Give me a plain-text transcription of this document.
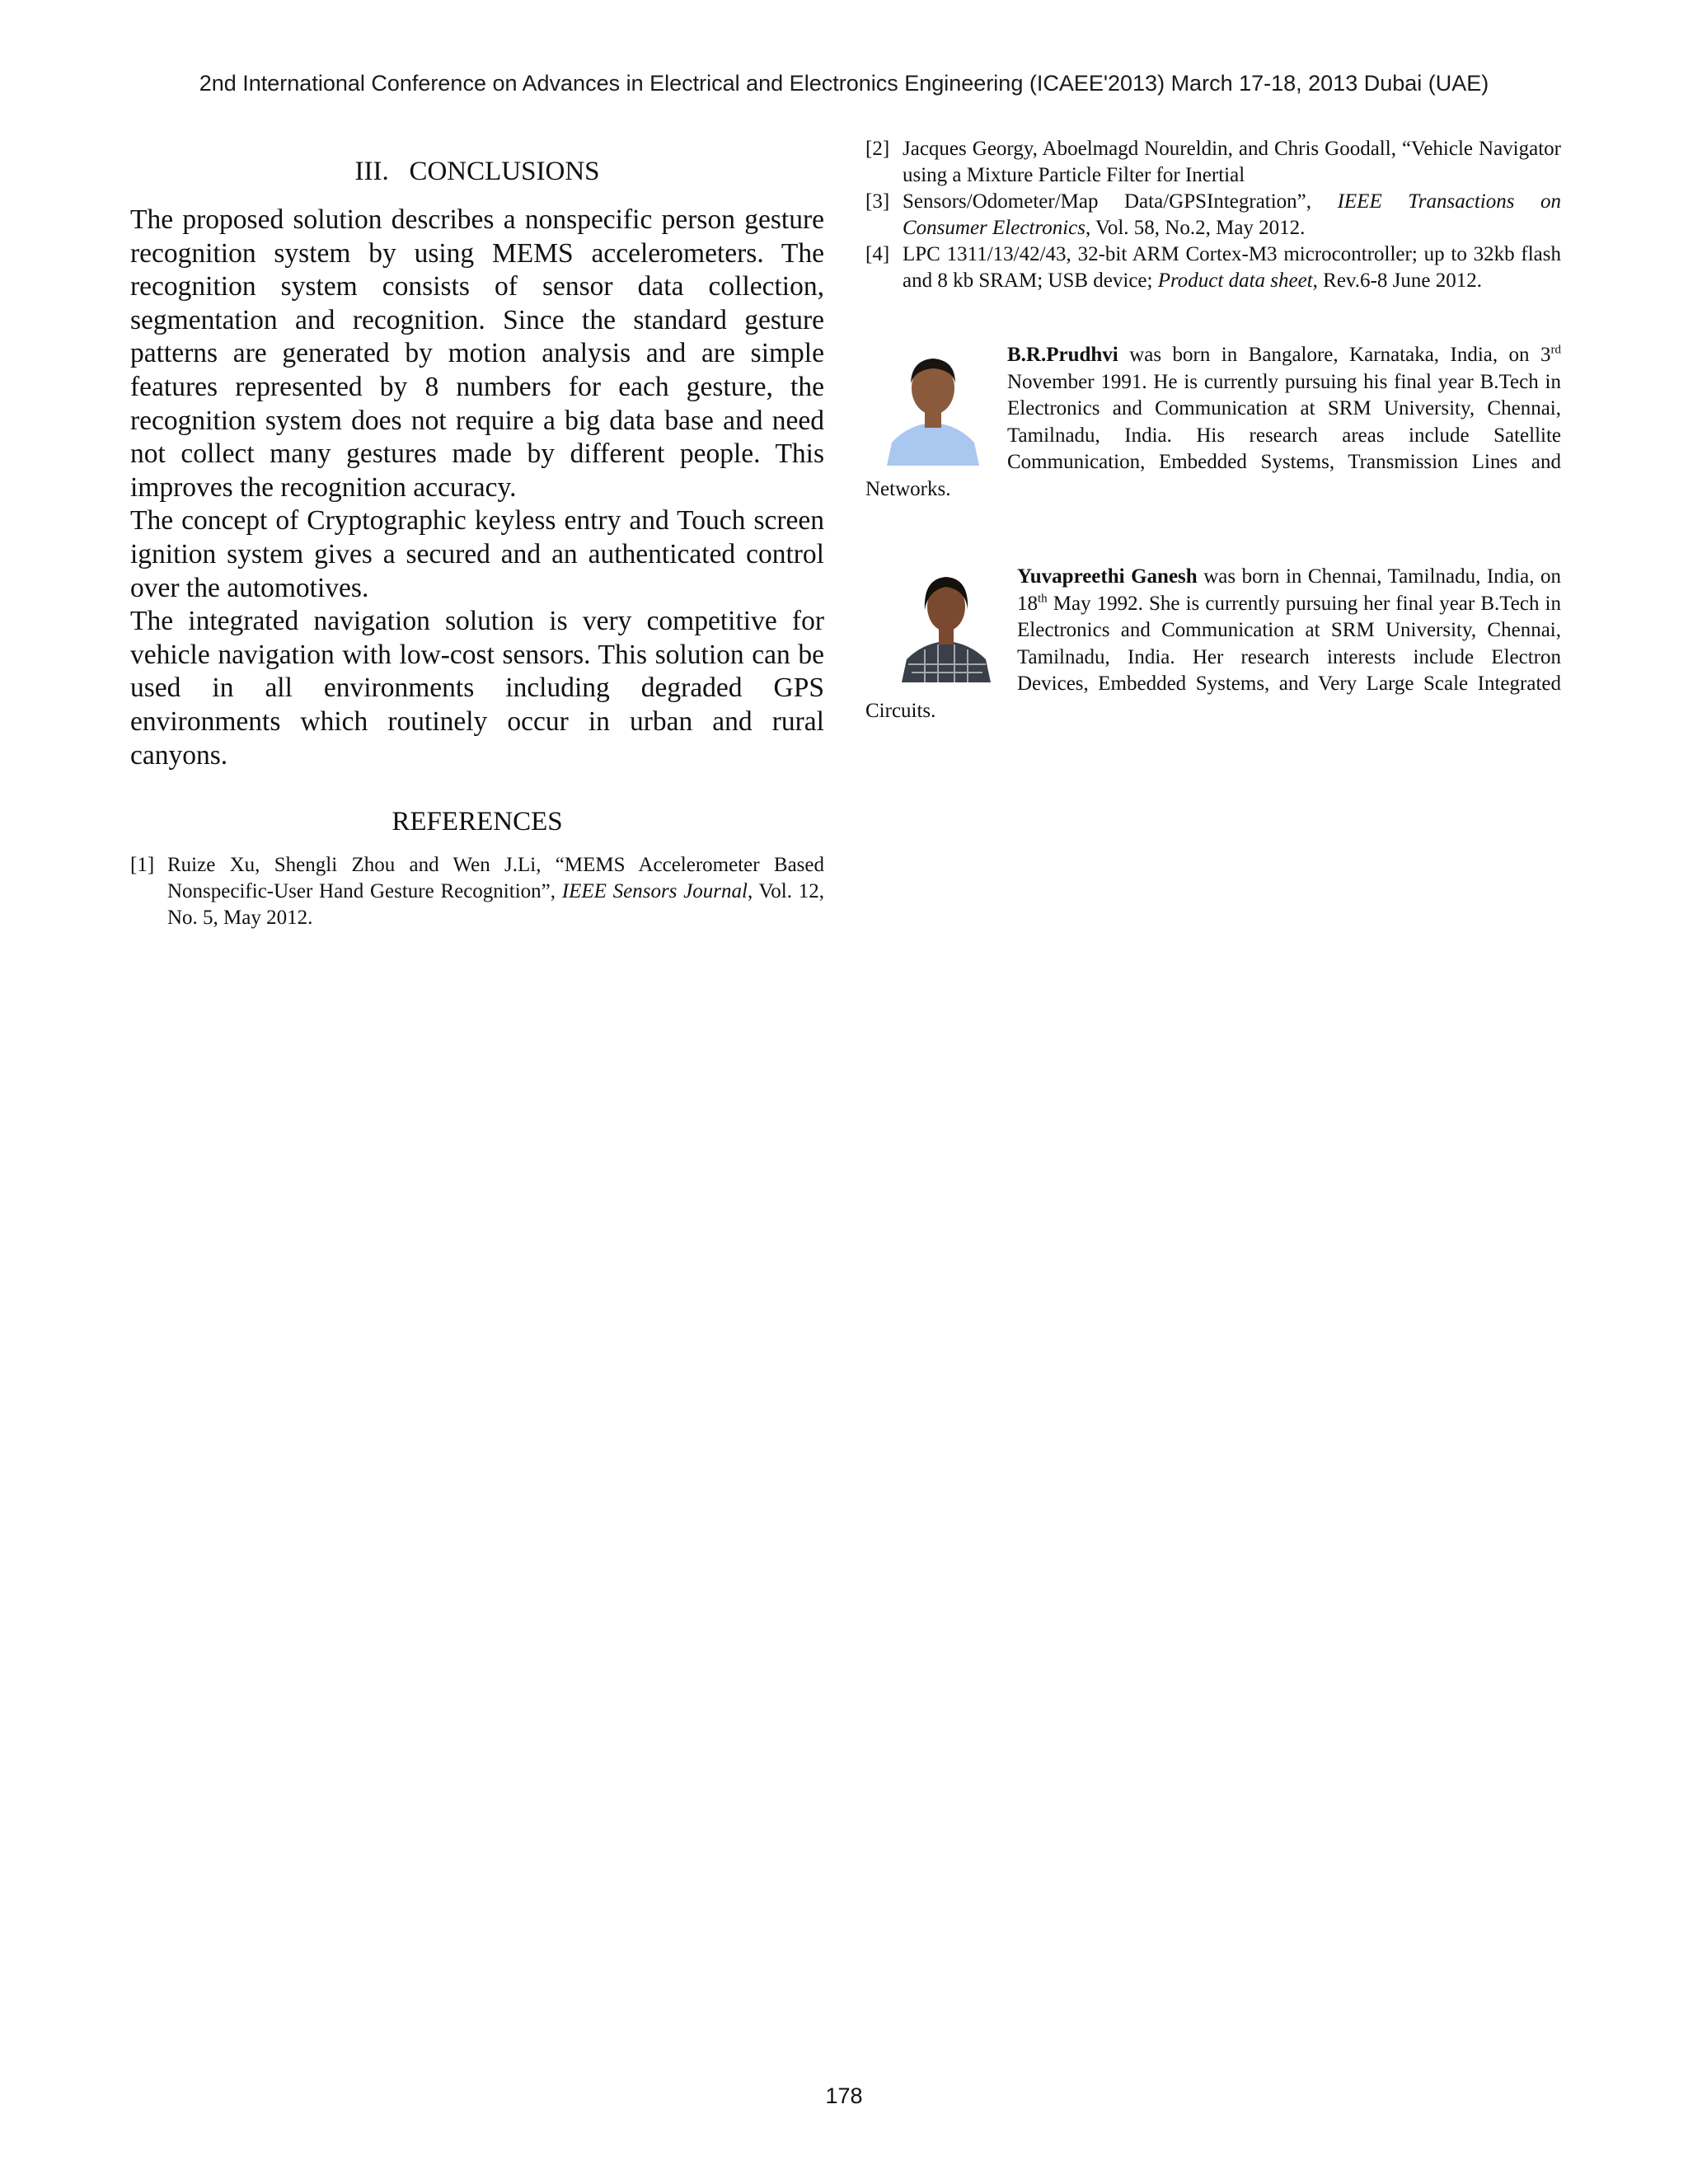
2nd International Conference on Advances in Electrical and Electronics Engineering (ICAEE'2013) March 17-18, 2013 Dubai (UAE)
III.   CONCLUSIONS

The proposed solution describes a nonspecific person gesture recognition system by using MEMS accelerometers. The recognition system consists of sensor data collection, segmentation and recognition. Since the standard gesture patterns are generated by motion analysis and are simple features represented by 8 numbers for each gesture, the recognition system does not require a big data base and need not collect many gestures made by different people. This improves the recognition accuracy.

The concept of Cryptographic keyless entry and Touch screen ignition system gives a secured and an authenticated control over the automotives.

The integrated navigation solution is very competitive for vehicle navigation with low-cost sensors. This solution can be used in all environments including degraded GPS environments which routinely occur in urban and rural canyons.

REFERENCES
[1] Ruize Xu, Shengli Zhou and Wen J.Li, “MEMS Accelerometer Based Nonspecific-User Hand Gesture Recognition”, IEEE Sensors Journal, Vol. 12, No. 5, May 2012.
[2] Jacques Georgy, Aboelmagd Noureldin, and Chris Goodall, “Vehicle Navigator using a Mixture Particle Filter for Inertial
[3] Sensors/Odometer/Map Data/GPSIntegration”, IEEE Transactions on Consumer Electronics, Vol. 58, No.2, May 2012.
[4] LPC 1311/13/42/43, 32-bit ARM Cortex-M3 microcontroller; up to 32kb flash and 8 kb SRAM; USB device; Product data sheet, Rev.6-8 June 2012.
B.R.Prudhvi was born in Bangalore, Karnataka, India, on 3rd November 1991. He is currently pursuing his final year B.Tech in Electronics and Communication at SRM University, Chennai, Tamilnadu, India. His research areas include Satellite Communication, Embedded Systems, Transmission Lines and Networks.
Yuvapreethi Ganesh was born in Chennai, Tamilnadu, India, on 18th May 1992. She is currently pursuing her final year B.Tech in Electronics and Communication at SRM University, Chennai, Tamilnadu, India. Her research interests include Electron Devices, Embedded Systems, and Very Large Scale Integrated Circuits.
178
